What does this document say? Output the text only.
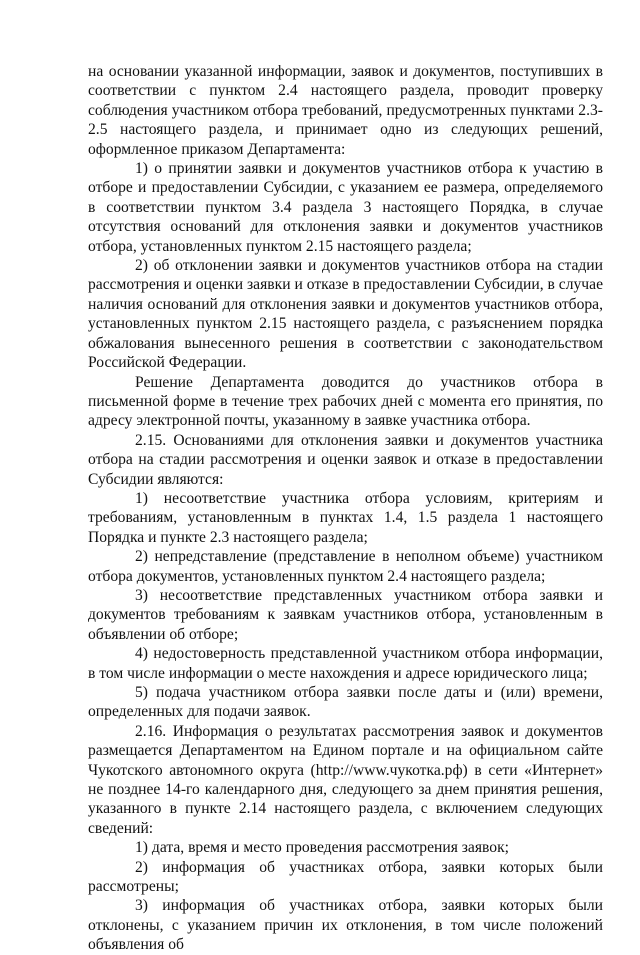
на основании указанной информации, заявок и документов, поступивших в соответствии с пунктом 2.4 настоящего раздела, проводит проверку соблюдения участником отбора требований, предусмотренных пунктами 2.3-2.5 настоящего раздела, и принимает одно из следующих решений, оформленное приказом Департамента:

1) о принятии заявки и документов участников отбора к участию в отборе и предоставлении Субсидии, с указанием ее размера, определяемого в соответствии пунктом 3.4 раздела 3 настоящего Порядка, в случае отсутствия оснований для отклонения заявки и документов участников отбора, установленных пунктом 2.15 настоящего раздела;

2) об отклонении заявки и документов участников отбора на стадии рассмотрения и оценки заявки и отказе в предоставлении Субсидии, в случае наличия оснований для отклонения заявки и документов участников отбора, установленных пунктом 2.15 настоящего раздела, с разъяснением порядка обжалования вынесенного решения в соответствии с законодательством Российской Федерации.

Решение Департамента доводится до участников отбора в письменной форме в течение трех рабочих дней с момента его принятия, по адресу электронной почты, указанному в заявке участника отбора.

2.15. Основаниями для отклонения заявки и документов участника отбора на стадии рассмотрения и оценки заявок и отказе в предоставлении Субсидии являются:

1) несоответствие участника отбора условиям, критериям и требованиям, установленным в пунктах 1.4, 1.5 раздела 1 настоящего Порядка и пункте 2.3 настоящего раздела;

2) непредставление (представление в неполном объеме) участником отбора документов, установленных пунктом 2.4 настоящего раздела;

3) несоответствие представленных участником отбора заявки и документов требованиям к заявкам участников отбора, установленным в объявлении об отборе;

4) недостоверность представленной участником отбора информации, в том числе информации о месте нахождения и адресе юридического лица;

5) подача участником отбора заявки после даты и (или) времени, определенных для подачи заявок.

2.16. Информация о результатах рассмотрения заявок и документов размещается Департаментом на Едином портале и на официальном сайте Чукотского автономного округа (http://www.чукотка.рф) в сети «Интернет» не позднее 14-го календарного дня, следующего за днем принятия решения, указанного в пункте 2.14 настоящего раздела, с включением следующих сведений:

1) дата, время и место проведения рассмотрения заявок;

2) информация об участниках отбора, заявки которых были рассмотрены;

3) информация об участниках отбора, заявки которых были отклонены, с указанием причин их отклонения, в том числе положений объявления об
